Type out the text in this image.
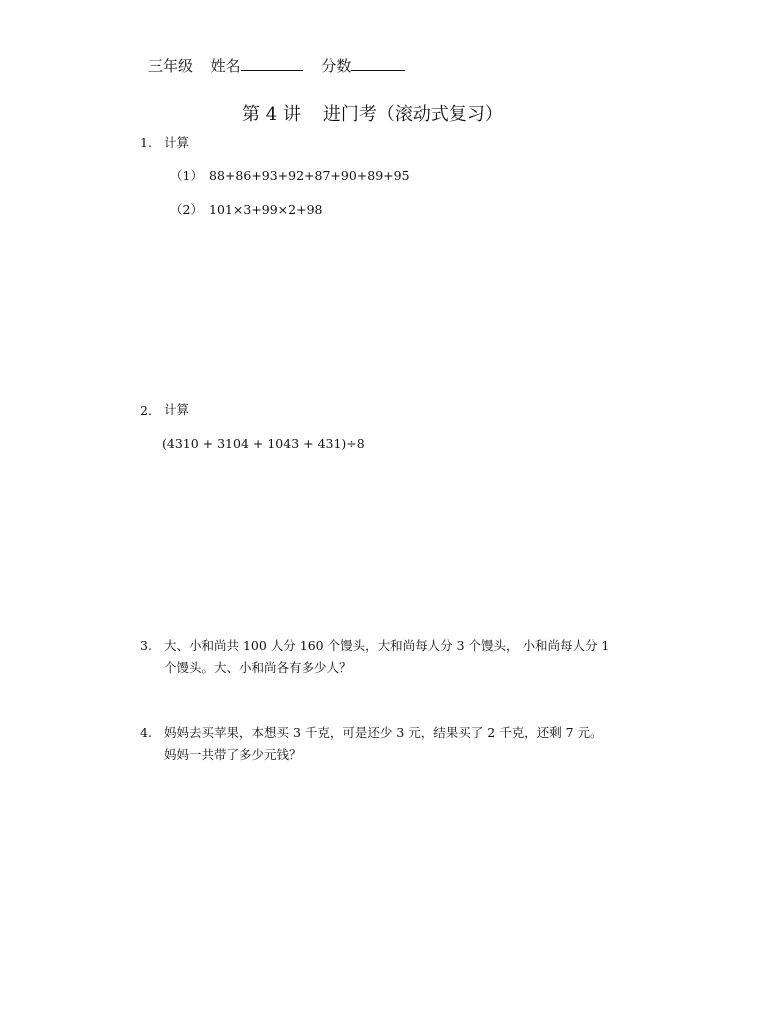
三年级 姓名	分数
第 4 讲 进门考（滚动式复习）
1. 计算
（1） 88+86+93+92+87+90+89+95
（2） 101×3+99×2+98
2. 计算
(4310 + 3104 + 1043 + 431)÷8
3. 大、小和尚共 100 人分 160 个馒头，大和尚每人分 3 个馒头， 小和尚每人分 1
个馒头。大、小和尚各有多少人？
4. 妈妈去买苹果，本想买 3 千克，可是还少 3 元，结果买了 2 千克，还剩 7 元。
妈妈一共带了多少元钱？
